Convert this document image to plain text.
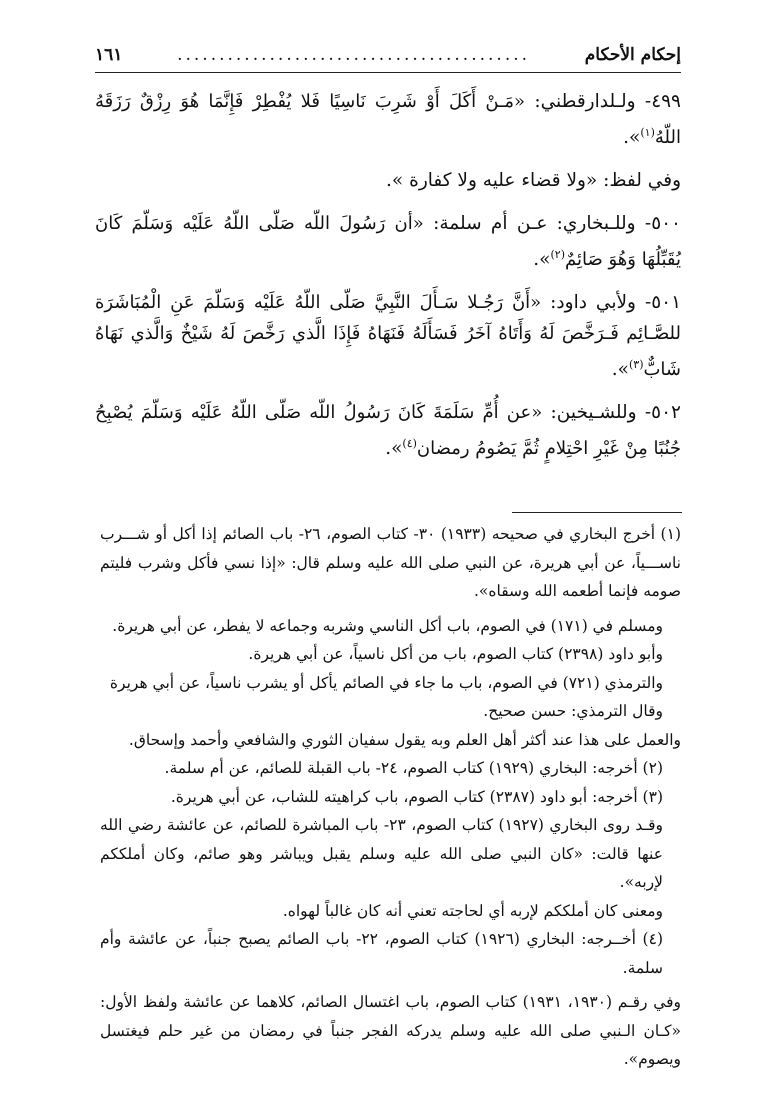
إحكام الأحكام
..........................................
١٦١

٤٩٩- ولـلدارقطني: «مَـنْ أَكَلَ أَوْ شَرِبَ نَاسِيًا فَلا يُفْطِرْ فَإِنَّمَا هُوَ رِزْقٌ رَزَقَهُ اللّهُ$^{(١)}$».

وفي لفظ: «ولا قضاء عليه ولا كفارة ».

٥٠٠- وللـبخاري: عـن أم سلمة: «أن رَسُولَ اللّه صَلّى اللّهُ عَلَيْه وَسَلّمَ كَانَ يُقَبِّلُهَا وَهُوَ صَائِمٌ$^{(٢)}$».

٥٠١- ولأبي داود: «أَنَّ رَجُـلا سَـأَلَ النَّبِيَّ صَلّى اللّهُ عَلَيْه وَسَلّمَ عَنِ الْمُبَاشَرَة للصَّـائِم فَـرَخَّصَ لَهُ وَأَتَاهُ آخَرُ فَسَأَلَهُ فَنَهَاهُ فَإِذَا الَّذي رَخَّصَ لَهُ شَيْخٌ وَالَّذي نَهَاهُ شَابٌّ$^{(٣)}$».

٥٠٢- وللشـيخين: «عن أُمِّ سَلَمَةَ كَانَ رَسُولُ اللّه صَلّى اللّهُ عَلَيْه وَسَلّمَ يُصْبِحُ جُنُبًا مِنْ غَيْرِ احْتِلامٍ ثُمَّ يَصُومُ رمضان$^{(٤)}$».

(١) أخرج البخاري في صحيحه (١٩٣٣) ٣٠- كتاب الصوم، ٢٦- باب الصائم إذا أكل أو شـــرب ناســـياً، عن أبي هريرة، عن النبي صلى الله عليه وسلم قال: «إذا نسي فأكل وشرب فليتم صومه فإنما أطعمه الله وسقاه».

ومسلم في (١٧١) في الصوم، باب أكل الناسي وشربه وجماعه لا يفطر، عن أبي هريرة.

وأبو داود (٢٣٩٨) كتاب الصوم، باب من أكل ناسياً، عن أبي هريرة.

والترمذي (٧٢١) في الصوم، باب ما جاء في الصائم يأكل أو يشرب ناسياً، عن أبي هريرة

وقال الترمذي: حسن صحيح.

والعمل على هذا عند أكثر أهل العلم وبه يقول سفيان الثوري والشافعي وأحمد وإسحاق.

(٢) أخرجه: البخاري (١٩٢٩) كتاب الصوم، ٢٤- باب القبلة للصائم، عن أم سلمة.

(٣) أخرجه: أبو داود (٢٣٨٧) كتاب الصوم، باب كراهيته للشاب، عن أبي هريرة.

وقـد روى البخاري (١٩٢٧) كتاب الصوم، ٢٣- باب المباشرة للصائم، عن عائشة رضي الله عنها قالت: «كان النبي صلى الله عليه وسلم يقبل ويباشر وهو صائم، وكان أملككم لإربه».

ومعنى كان أملككم لإربه أي لحاجته تعني أنه كان غالباً لهواه.

(٤) أخــرجه: البخاري (١٩٢٦) كتاب الصوم، ٢٢- باب الصائم يصبح جنباً، عن عائشة وأم سلمة.

وفي رقـم (١٩٣٠، ١٩٣١) كتاب الصوم، باب اغتسال الصائم، كلاهما عن عائشة ولفظ الأول: «كـان الـنبي صلى الله عليه وسلم يدركه الفجر جنباً في رمضان من غير حلم فيغتسل ويصوم».
